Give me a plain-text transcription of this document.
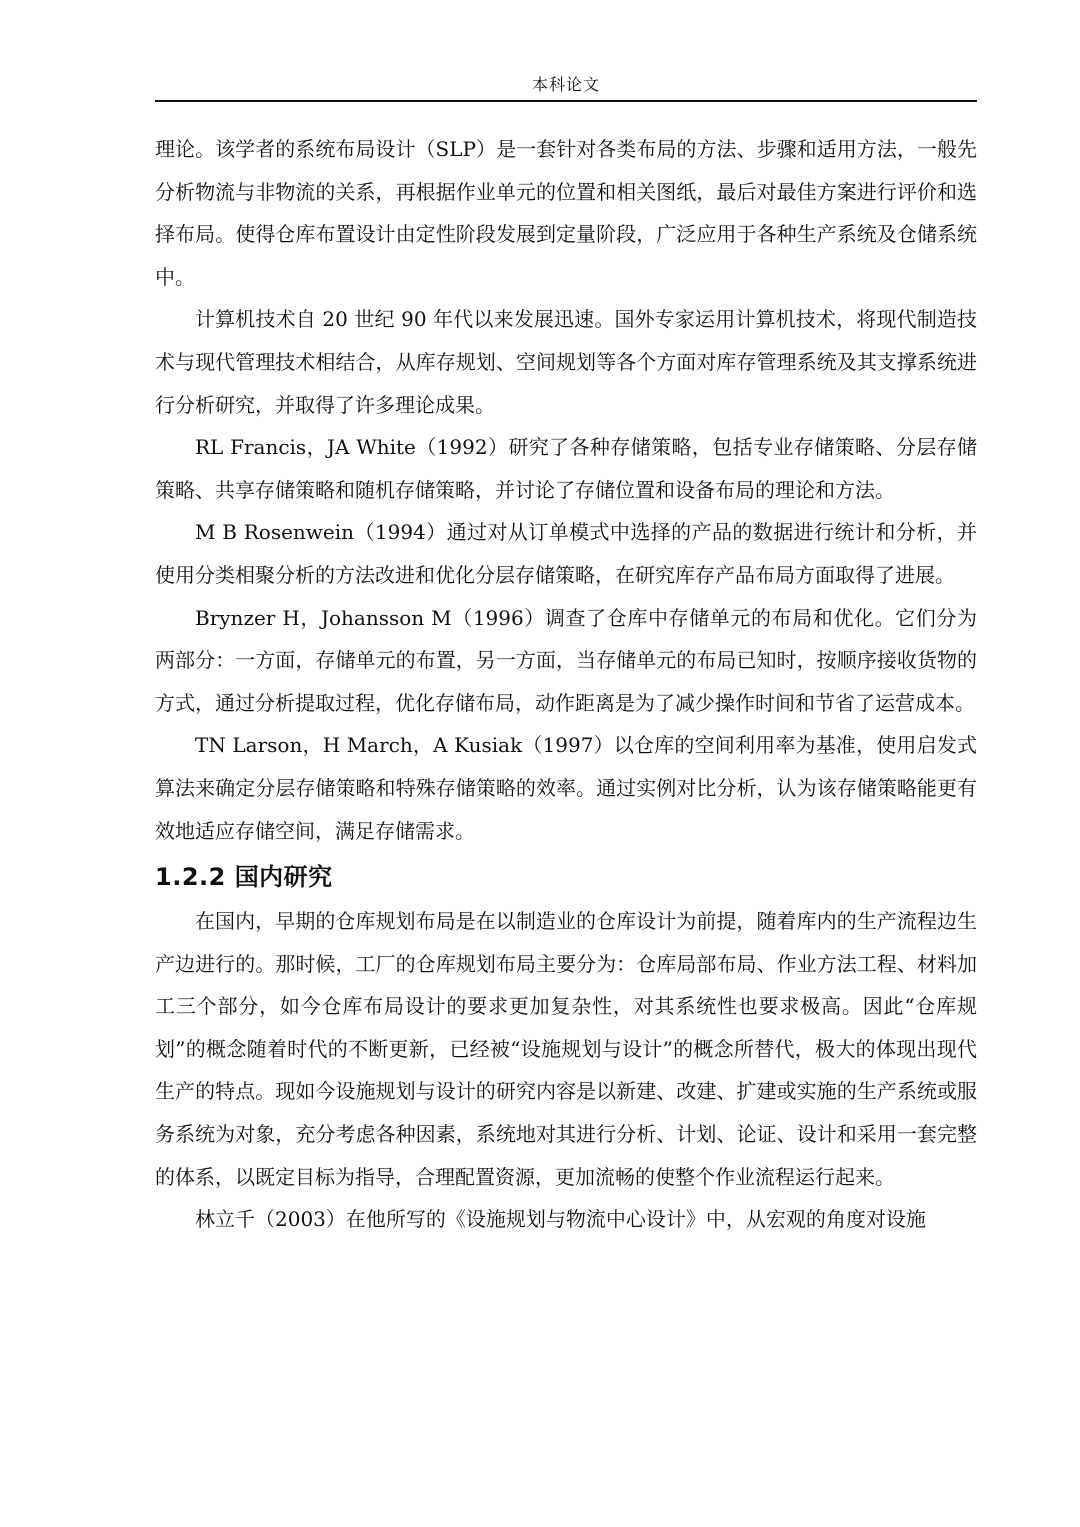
本科论文

理论。该学者的系统布局设计（SLP）是一套针对各类布局的方法、步骤和适用方法，一般先分析物流与非物流的关系，再根据作业单元的位置和相关图纸，最后对最佳方案进行评价和选择布局。使得仓库布置设计由定性阶段发展到定量阶段，广泛应用于各种生产系统及仓储系统中。

计算机技术自 20 世纪 90 年代以来发展迅速。国外专家运用计算机技术，将现代制造技术与现代管理技术相结合，从库存规划、空间规划等各个方面对库存管理系统及其支撑系统进行分析研究，并取得了许多理论成果。

RL Francis，JA White（1992）研究了各种存储策略，包括专业存储策略、分层存储策略、共享存储策略和随机存储策略，并讨论了存储位置和设备布局的理论和方法。

M B Rosenwein（1994）通过对从订单模式中选择的产品的数据进行统计和分析，并使用分类相聚分析的方法改进和优化分层存储策略，在研究库存产品布局方面取得了进展。

Brynzer H，Johansson M（1996）调查了仓库中存储单元的布局和优化。它们分为两部分：一方面，存储单元的布置，另一方面，当存储单元的布局已知时，按顺序接收货物的方式，通过分析提取过程，优化存储布局，动作距离是为了减少操作时间和节省了运营成本。

TN Larson，H March，A Kusiak（1997）以仓库的空间利用率为基准，使用启发式算法来确定分层存储策略和特殊存储策略的效率。通过实例对比分析，认为该存储策略能更有效地适应存储空间，满足存储需求。

1.2.2 国内研究

在国内，早期的仓库规划布局是在以制造业的仓库设计为前提，随着库内的生产流程边生产边进行的。那时候，工厂的仓库规划布局主要分为：仓库局部布局、作业方法工程、材料加工三个部分，如今仓库布局设计的要求更加复杂性，对其系统性也要求极高。因此“仓库规划”的概念随着时代的不断更新，已经被“设施规划与设计”的概念所替代，极大的体现出现代生产的特点。现如今设施规划与设计的研究内容是以新建、改建、扩建或实施的生产系统或服务系统为对象，充分考虑各种因素，系统地对其进行分析、计划、论证、设计和采用一套完整的体系，以既定目标为指导，合理配置资源，更加流畅的使整个作业流程运行起来。

林立千（2003）在他所写的《设施规划与物流中心设计》中，从宏观的角度对设施
